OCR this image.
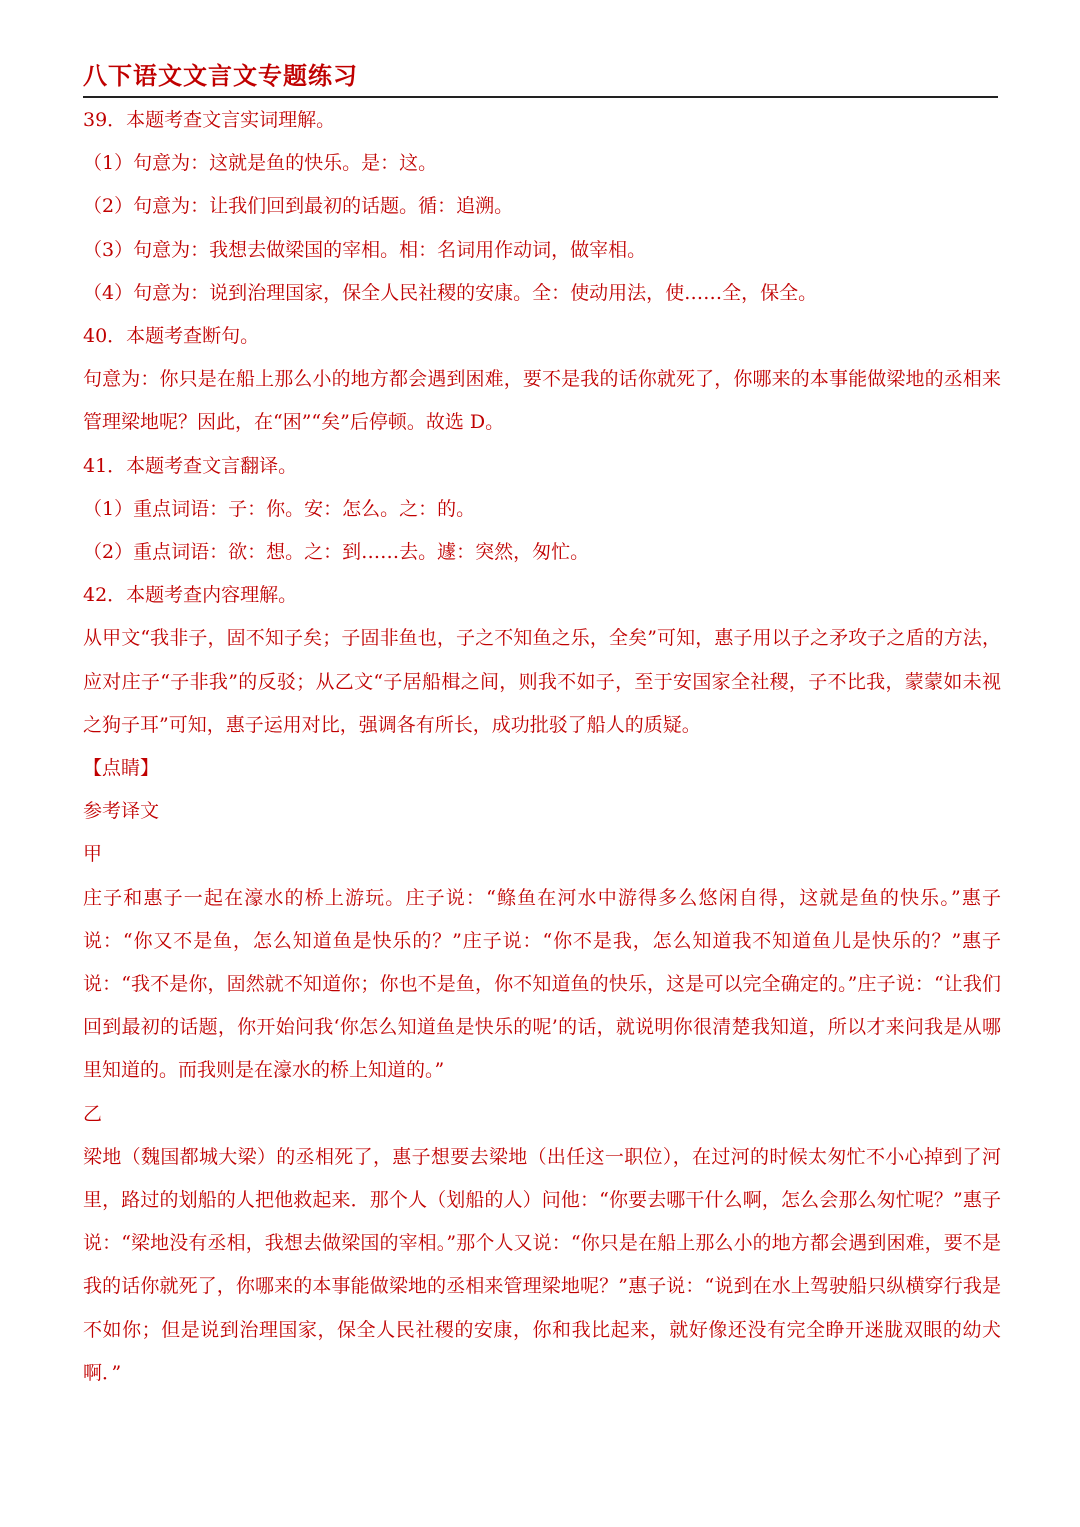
八下语文文言文专题练习

39．本题考查文言实词理解。

（1）句意为：这就是鱼的快乐。是：这。

（2）句意为：让我们回到最初的话题。循：追溯。

（3）句意为：我想去做梁国的宰相。相：名词用作动词，做宰相。

（4）句意为：说到治理国家，保全人民社稷的安康。全：使动用法，使……全，保全。

40．本题考查断句。

句意为：你只是在船上那么小的地方都会遇到困难，要不是我的话你就死了，你哪来的本事能做梁地的丞相来管理梁地呢？因此，在“困”“矣”后停顿。故选 D。

41．本题考查文言翻译。

（1）重点词语：子：你。安：怎么。之：的。

（2）重点词语：欲：想。之：到……去。遽：突然，匆忙。

42．本题考查内容理解。

从甲文“我非子，固不知子矣；子固非鱼也，子之不知鱼之乐，全矣”可知，惠子用以子之矛攻子之盾的方法，应对庄子“子非我”的反驳；从乙文“子居船楫之间，则我不如子，至于安国家全社稷，子不比我，蒙蒙如未视之狗子耳”可知，惠子运用对比，强调各有所长，成功批驳了船人的质疑。

【点睛】

参考译文

甲

庄子和惠子一起在濠水的桥上游玩。庄子说：“鲦鱼在河水中游得多么悠闲自得，这就是鱼的快乐。”惠子说：“你又不是鱼，怎么知道鱼是快乐的？”庄子说：“你不是我，怎么知道我不知道鱼儿是快乐的？”惠子说：“我不是你，固然就不知道你；你也不是鱼，你不知道鱼的快乐，这是可以完全确定的。”庄子说：“让我们回到最初的话题，你开始问我‘你怎么知道鱼是快乐的呢’的话，就说明你很清楚我知道，所以才来问我是从哪里知道的。而我则是在濠水的桥上知道的。”

乙

梁地（魏国都城大梁）的丞相死了，惠子想要去梁地（出任这一职位），在过河的时候太匆忙不小心掉到了河里，路过的划船的人把他救起来．那个人（划船的人）问他：“你要去哪干什么啊，怎么会那么匆忙呢？”惠子说：“梁地没有丞相，我想去做梁国的宰相。”那个人又说：“你只是在船上那么小的地方都会遇到困难，要不是我的话你就死了，你哪来的本事能做梁地的丞相来管理梁地呢？”惠子说：“说到在水上驾驶船只纵横穿行我是不如你；但是说到治理国家，保全人民社稷的安康，你和我比起来，就好像还没有完全睁开迷胧双眼的幼犬啊．”
